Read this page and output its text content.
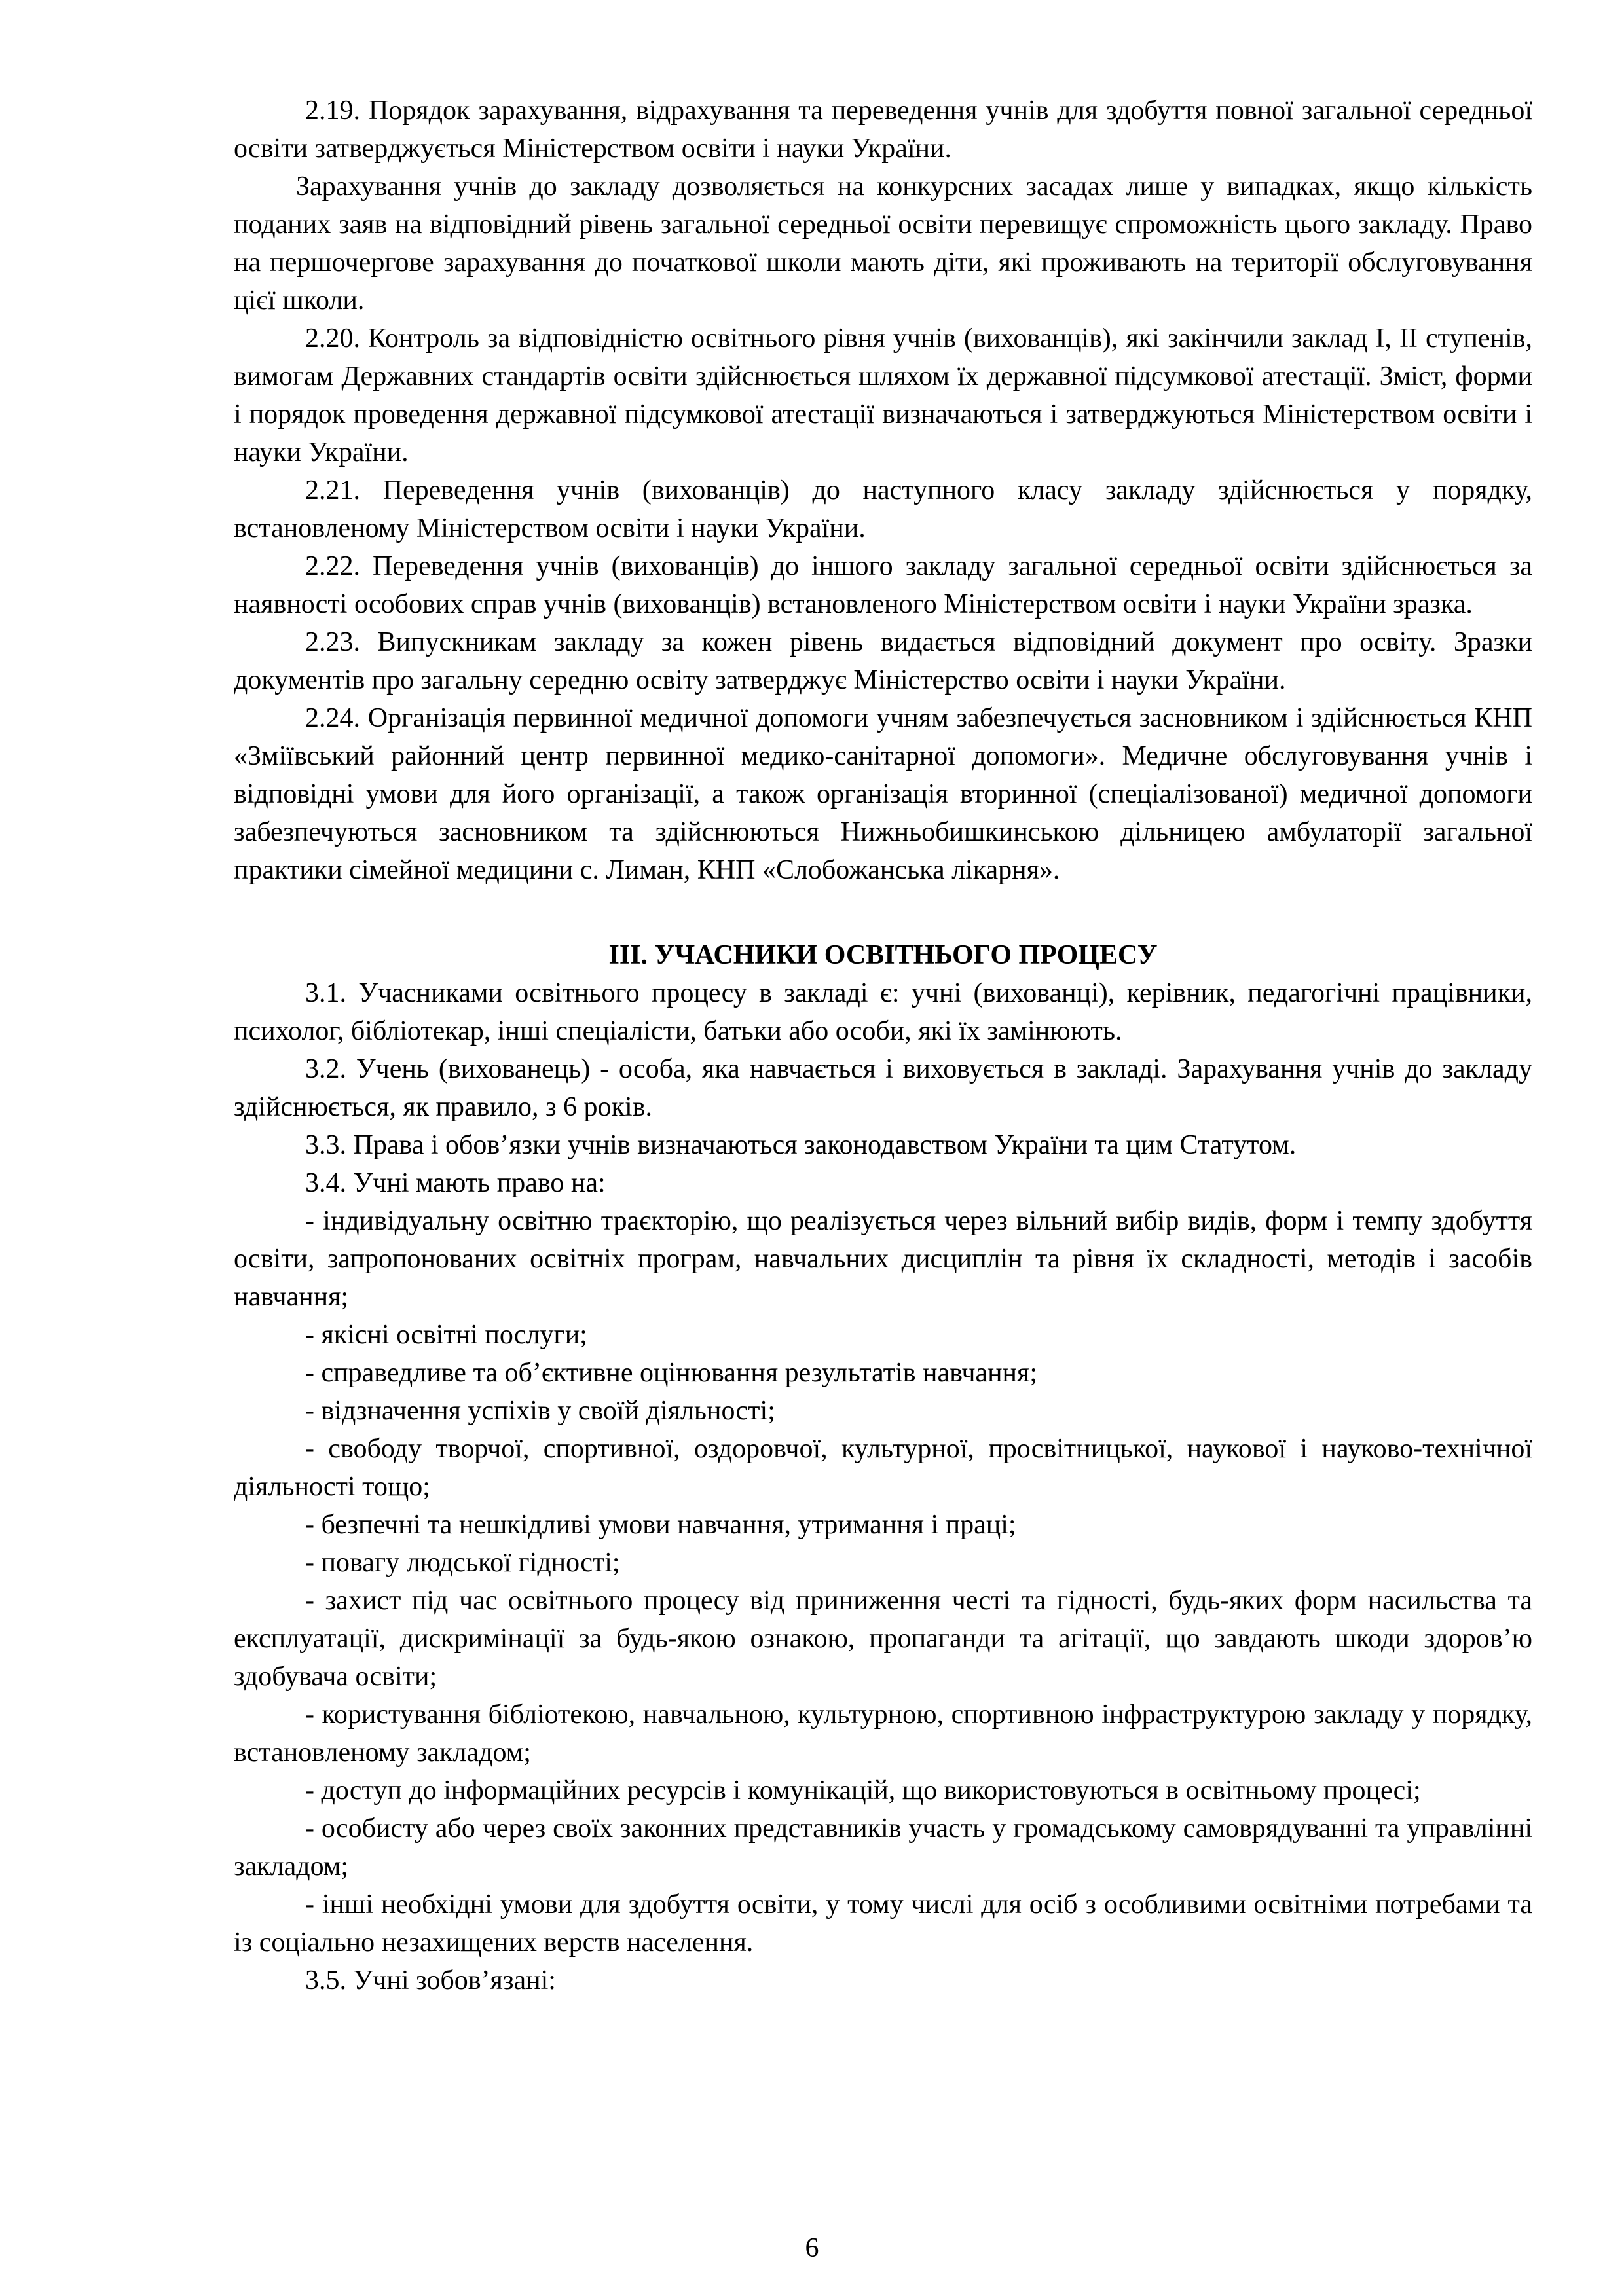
2.19. Порядок зарахування, відрахування та переведення учнів для здобуття повної загальної середньої освіти затверджується Міністерством освіти і науки України.

Зарахування учнів до закладу дозволяється на конкурсних засадах лише у випадках, якщо кількість поданих заяв на відповідний рівень загальної середньої освіти перевищує спроможність цього закладу. Право на першочергове зарахування до початкової школи мають діти, які проживають на території обслуговування цієї школи.

2.20. Контроль за відповідністю освітнього рівня учнів (вихованців), які закінчили заклад І, ІІ ступенів, вимогам Державних стандартів освіти здійснюється шляхом їх державної підсумкової атестації. Зміст, форми і порядок проведення державної підсумкової атестації визначаються і затверджуються Міністерством освіти і науки України.

2.21. Переведення учнів (вихованців) до наступного класу закладу здійснюється у порядку, встановленому Міністерством освіти і науки України.

2.22. Переведення учнів (вихованців) до іншого закладу загальної середньої освіти здійснюється за наявності особових справ учнів (вихованців) встановленого Міністерством освіти і науки України зразка.

2.23. Випускникам закладу за кожен рівень видається відповідний документ про освіту. Зразки документів про загальну середню освіту затверджує Міністерство освіти і науки України.

2.24. Організація первинної медичної допомоги учням забезпечується засновником і здійснюється КНП «Зміївський районний центр первинної медико-санітарної допомоги». Медичне обслуговування учнів і відповідні умови для його організації, а також організація вторинної (спеціалізованої) медичної допомоги забезпечуються засновником та здійснюються Нижньобишкинською дільницею амбулаторії загальної практики сімейної медицини с. Лиман, КНП «Слобожанська лікарня».

ІІІ. УЧАСНИКИ ОСВІТНЬОГО ПРОЦЕСУ

3.1. Учасниками освітнього процесу в закладі є: учні (вихованці), керівник, педагогічні працівники, психолог, бібліотекар, інші спеціалісти, батьки або особи, які їх замінюють.

3.2. Учень (вихованець) - особа, яка навчається і виховується в закладі. Зарахування учнів до закладу здійснюється, як правило, з 6 років.

3.3. Права і обов’язки учнів визначаються законодавством України та цим Статутом.

3.4. Учні мають право на:

- індивідуальну освітню траєкторію, що реалізується через вільний вибір видів, форм і темпу здобуття освіти, запропонованих освітніх програм, навчальних дисциплін та рівня їх складності, методів і засобів навчання;

- якісні освітні послуги;

- справедливе та об’єктивне оцінювання результатів навчання;

- відзначення успіхів у своїй діяльності;

- свободу творчої, спортивної, оздоровчої, культурної, просвітницької, наукової і науково-технічної діяльності тощо;

- безпечні та нешкідливі умови навчання, утримання і праці;

- повагу людської гідності;

- захист під час освітнього процесу від приниження честі та гідності, будь-яких форм насильства та експлуатації, дискримінації за будь-якою ознакою, пропаганди та агітації, що завдають шкоди здоров’ю здобувача освіти;

- користування бібліотекою, навчальною, культурною, спортивною інфраструктурою закладу у порядку, встановленому закладом;

- доступ до інформаційних ресурсів і комунікацій, що використовуються в освітньому процесі;

- особисту або через своїх законних представників участь у громадському самоврядуванні та управлінні закладом;

- інші необхідні умови для здобуття освіти, у тому числі для осіб з особливими освітніми потребами та із соціально незахищених верств населення.

3.5. Учні зобов’язані:

6
